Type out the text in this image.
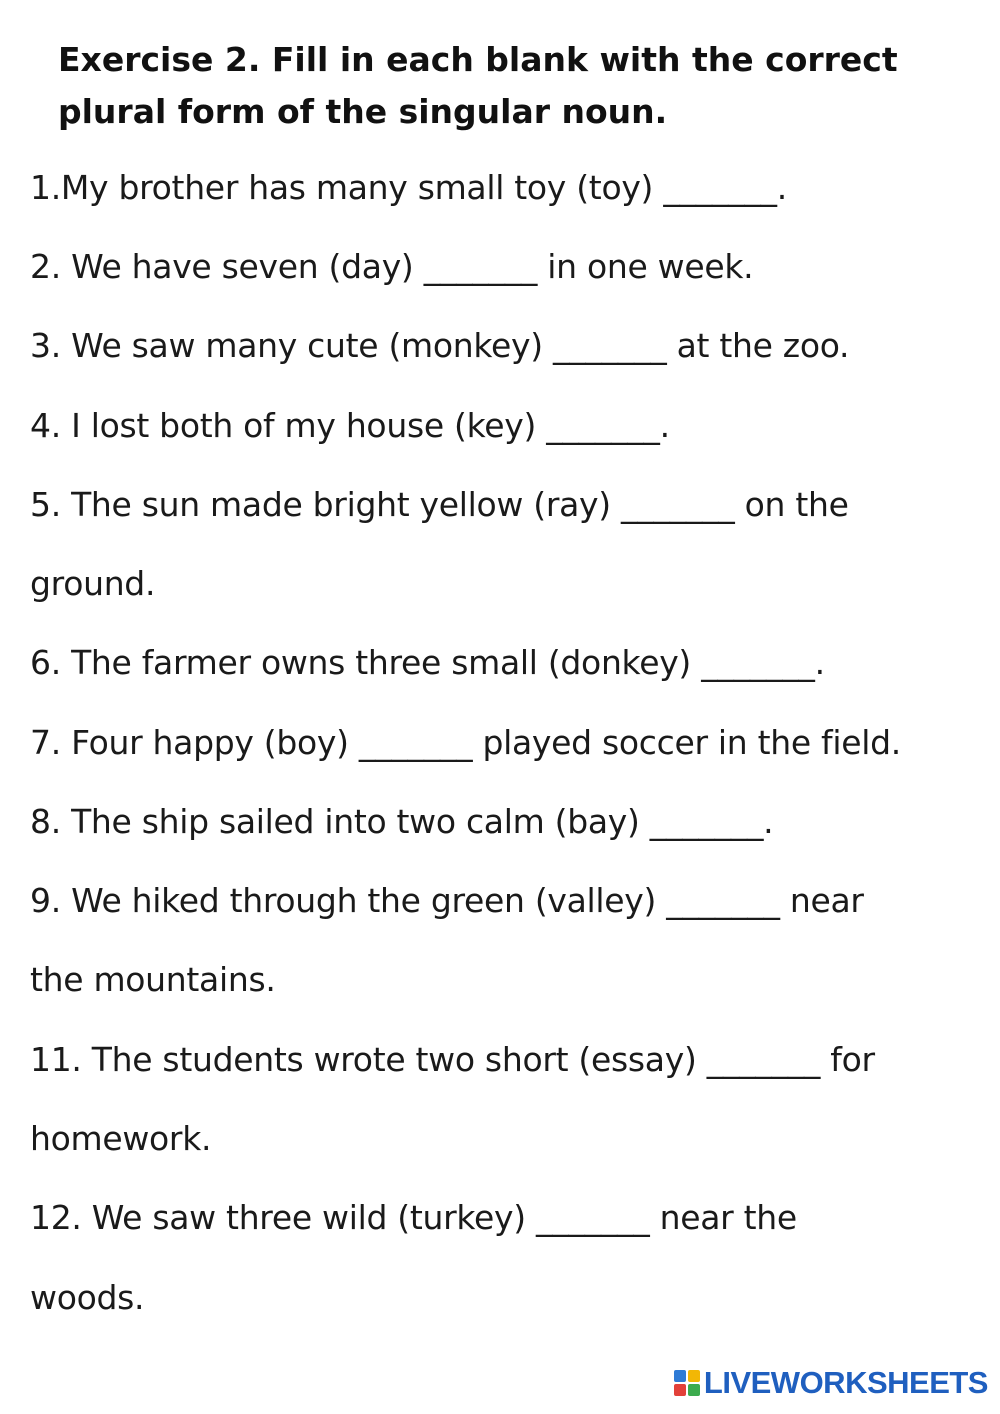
Exercise 2. Fill in each blank with the correct
plural form of the singular noun.

1.My brother has many small toy (toy) _______.

2. We have seven (day) _______ in one week.

3. We saw many cute (monkey) _______ at the zoo.

4. I lost both of my house (key) _______.

5. The sun made bright yellow (ray) _______ on the

ground.

6. The farmer owns three small (donkey) _______.

7. Four happy (boy) _______ played soccer in the field.

8. The ship sailed into two calm (bay) _______.

9. We hiked through the green (valley) _______ near

the mountains.

11. The students wrote two short (essay) _______ for

homework.

12. We saw three wild (turkey) _______ near the

woods.

LIVEWORKSHEETS
